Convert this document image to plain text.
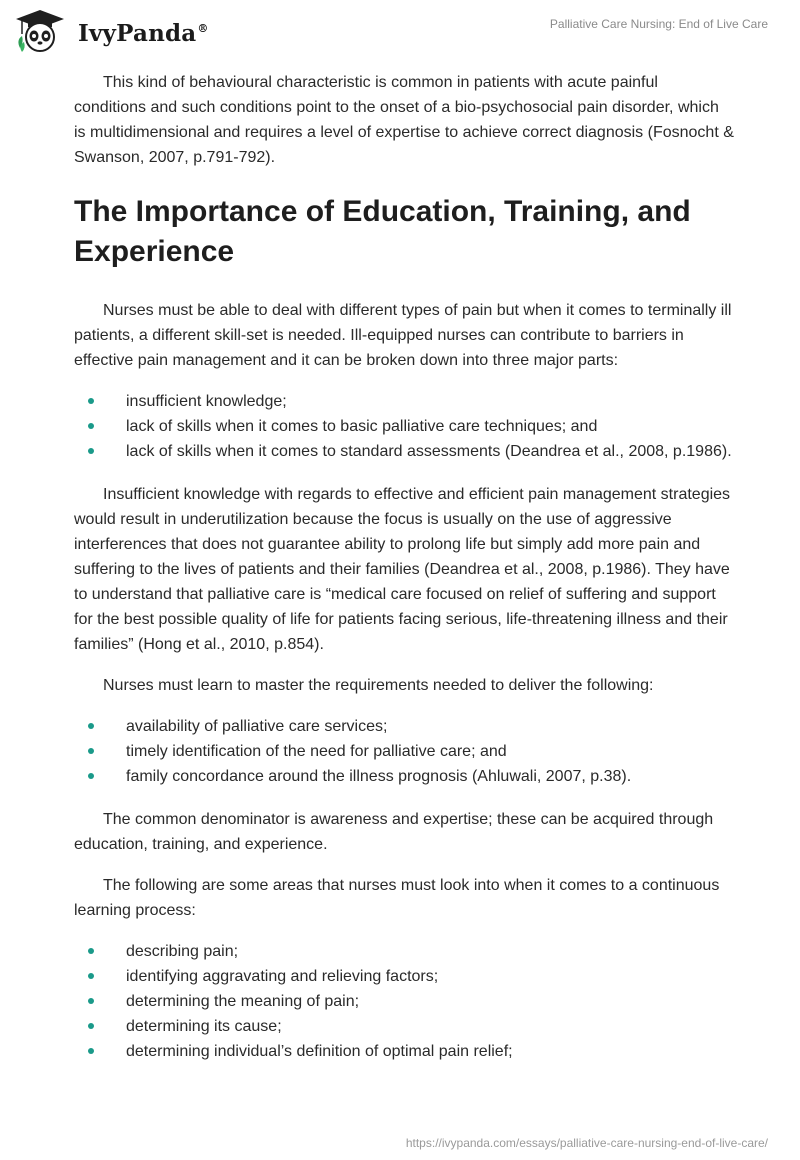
IvyPanda®	Palliative Care Nursing: End of Live Care

This kind of behavioural characteristic is common in patients with acute painful conditions and such conditions point to the onset of a bio-psychosocial pain disorder, which is multidimensional and requires a level of expertise to achieve correct diagnosis (Fosnocht & Swanson, 2007, p.791-792).

The Importance of Education, Training, and Experience

Nurses must be able to deal with different types of pain but when it comes to terminally ill patients, a different skill-set is needed. Ill-equipped nurses can contribute to barriers in effective pain management and it can be broken down into three major parts:

insufficient knowledge;
lack of skills when it comes to basic palliative care techniques; and
lack of skills when it comes to standard assessments (Deandrea et al., 2008, p.1986).

Insufficient knowledge with regards to effective and efficient pain management strategies would result in underutilization because the focus is usually on the use of aggressive interferences that does not guarantee ability to prolong life but simply add more pain and suffering to the lives of patients and their families (Deandrea et al., 2008, p.1986). They have to understand that palliative care is “medical care focused on relief of suffering and support for the best possible quality of life for patients facing serious, life-threatening illness and their families” (Hong et al., 2010, p.854).

Nurses must learn to master the requirements needed to deliver the following:

availability of palliative care services;
timely identification of the need for palliative care; and
family concordance around the illness prognosis (Ahluwali, 2007, p.38).

The common denominator is awareness and expertise; these can be acquired through education, training, and experience.

The following are some areas that nurses must look into when it comes to a continuous learning process:

describing pain;
identifying aggravating and relieving factors;
determining the meaning of pain;
determining its cause;
determining individual’s definition of optimal pain relief;
https://ivypanda.com/essays/palliative-care-nursing-end-of-live-care/
